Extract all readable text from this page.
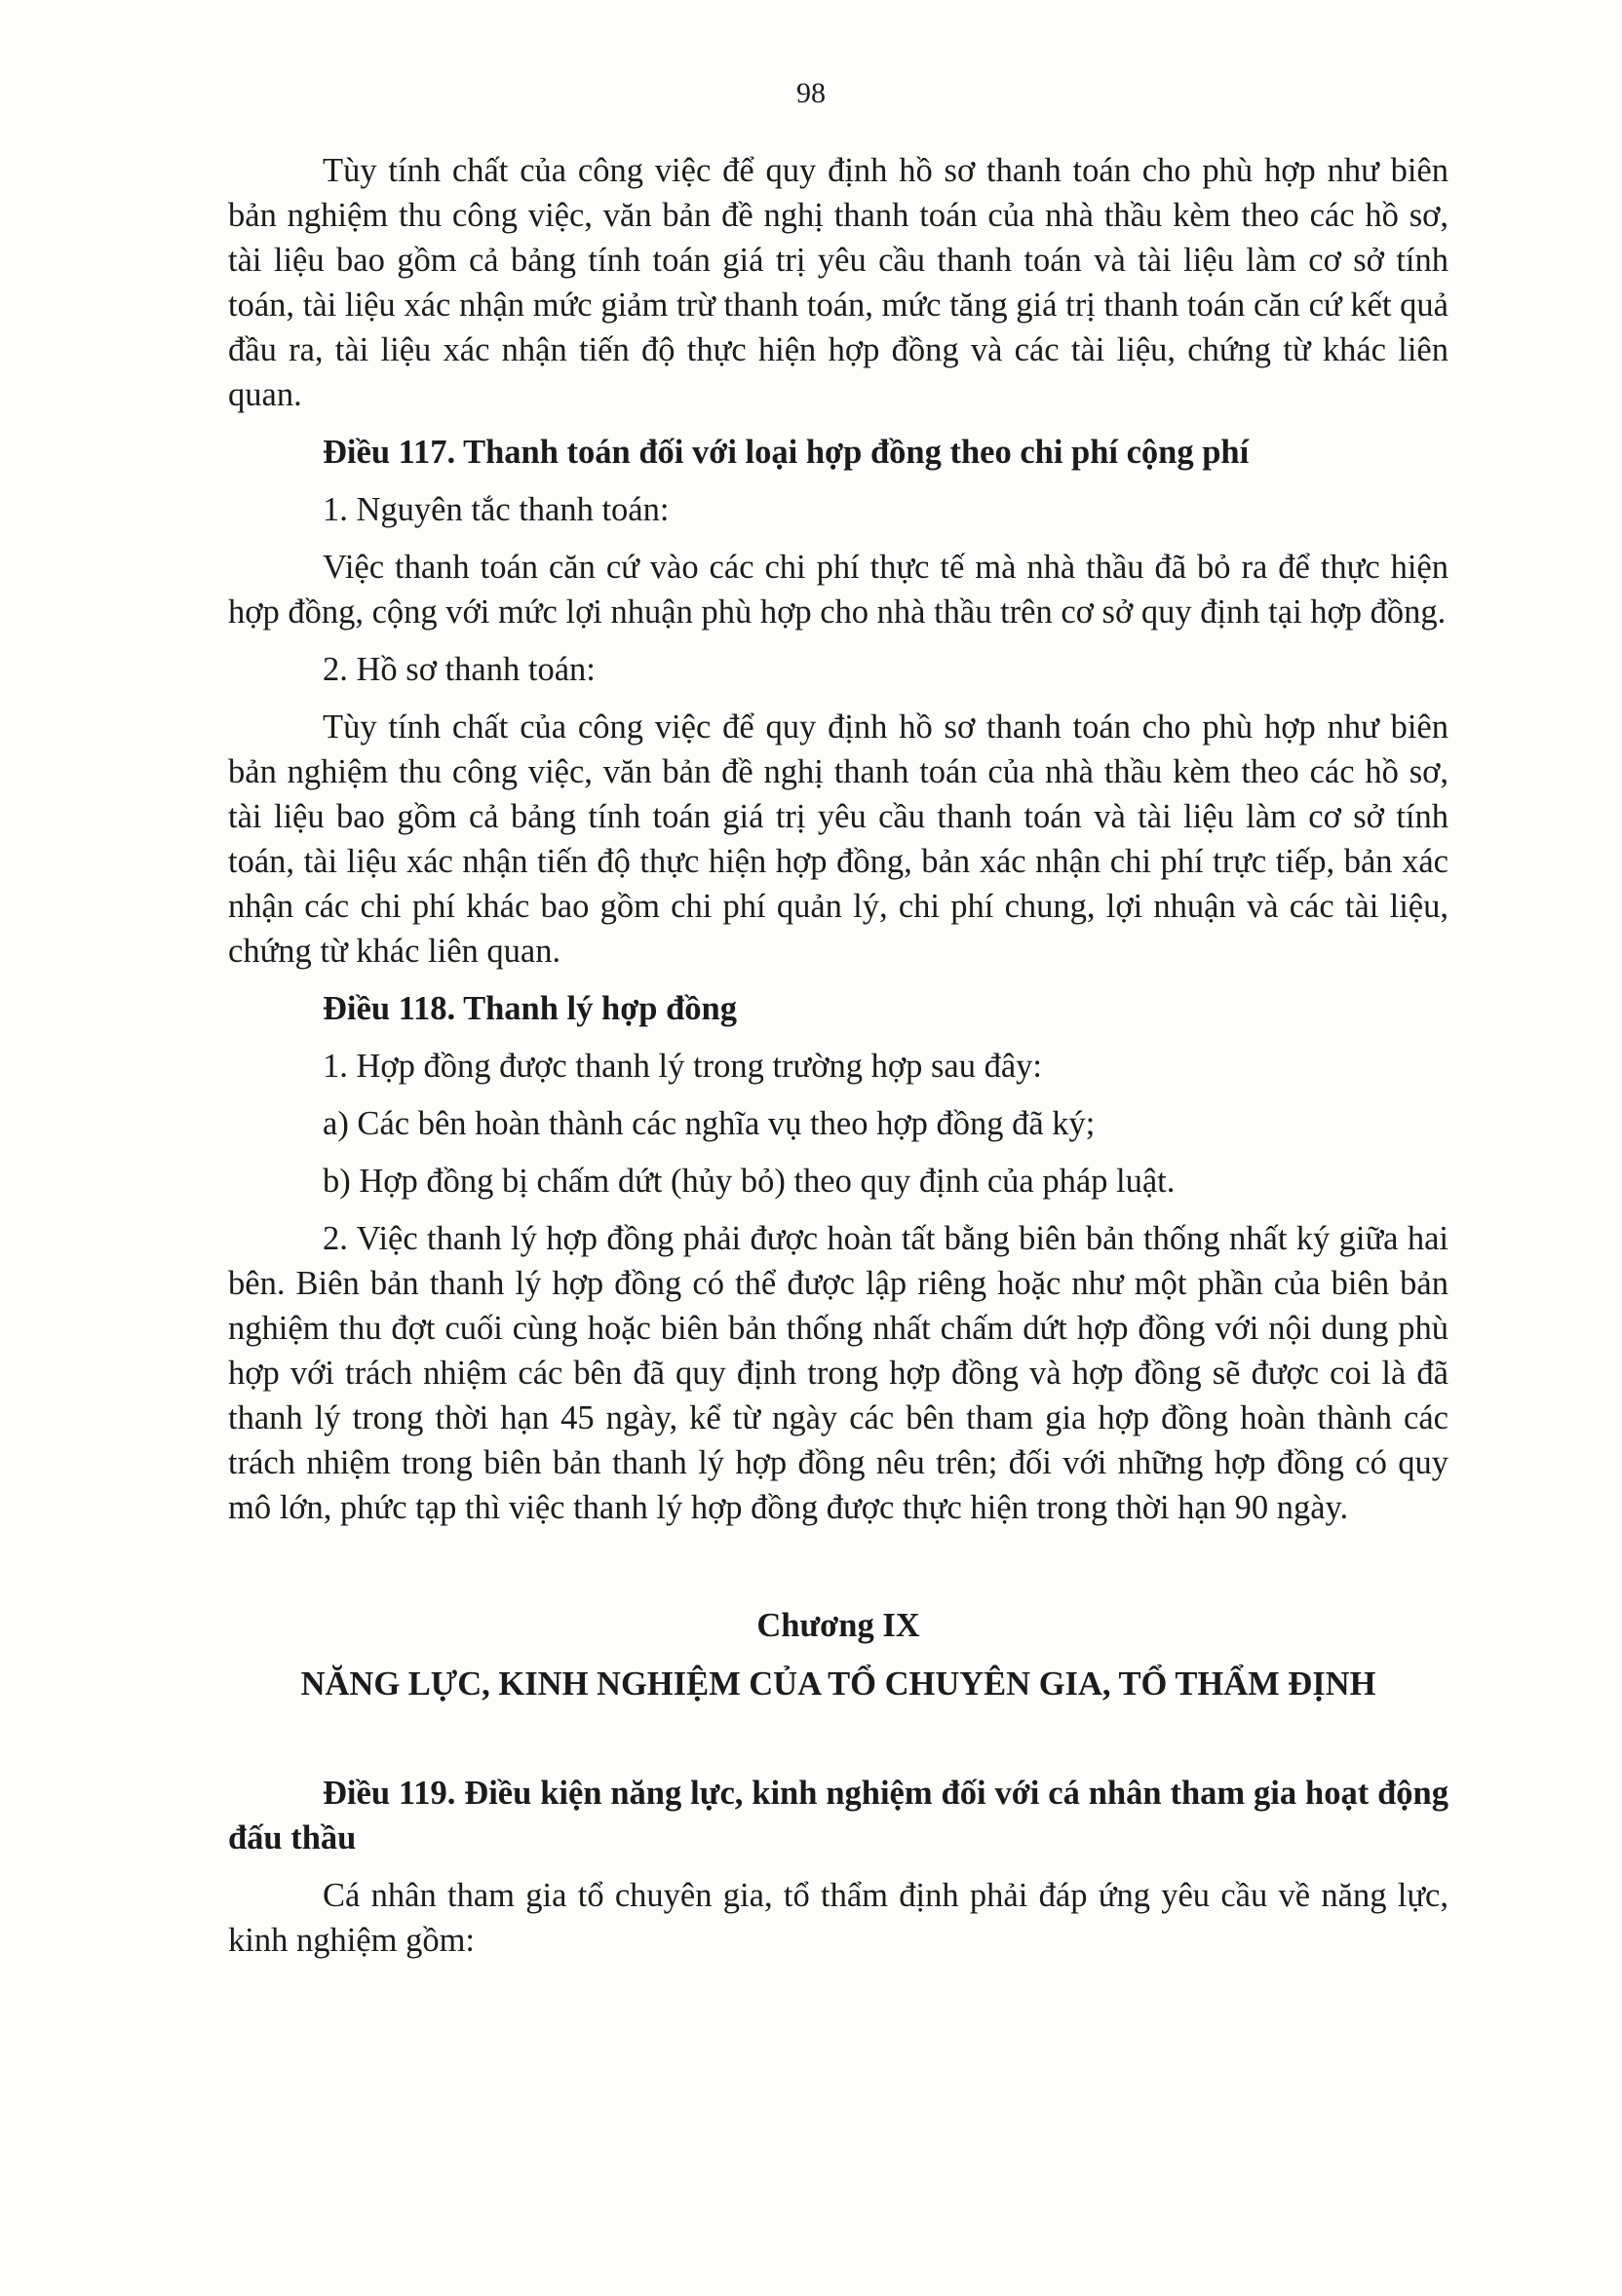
98

Tùy tính chất của công việc để quy định hồ sơ thanh toán cho phù hợp như biên bản nghiệm thu công việc, văn bản đề nghị thanh toán của nhà thầu kèm theo các hồ sơ, tài liệu bao gồm cả bảng tính toán giá trị yêu cầu thanh toán và tài liệu làm cơ sở tính toán, tài liệu xác nhận mức giảm trừ thanh toán, mức tăng giá trị thanh toán căn cứ kết quả đầu ra, tài liệu xác nhận tiến độ thực hiện hợp đồng và các tài liệu, chứng từ khác liên quan.

Điều 117. Thanh toán đối với loại hợp đồng theo chi phí cộng phí

1. Nguyên tắc thanh toán:

Việc thanh toán căn cứ vào các chi phí thực tế mà nhà thầu đã bỏ ra để thực hiện hợp đồng, cộng với mức lợi nhuận phù hợp cho nhà thầu trên cơ sở quy định tại hợp đồng.

2. Hồ sơ thanh toán:

Tùy tính chất của công việc để quy định hồ sơ thanh toán cho phù hợp như biên bản nghiệm thu công việc, văn bản đề nghị thanh toán của nhà thầu kèm theo các hồ sơ, tài liệu bao gồm cả bảng tính toán giá trị yêu cầu thanh toán và tài liệu làm cơ sở tính toán, tài liệu xác nhận tiến độ thực hiện hợp đồng, bản xác nhận chi phí trực tiếp, bản xác nhận các chi phí khác bao gồm chi phí quản lý, chi phí chung, lợi nhuận và các tài liệu, chứng từ khác liên quan.

Điều 118. Thanh lý hợp đồng

1. Hợp đồng được thanh lý trong trường hợp sau đây:

a) Các bên hoàn thành các nghĩa vụ theo hợp đồng đã ký;

b) Hợp đồng bị chấm dứt (hủy bỏ) theo quy định của pháp luật.

2. Việc thanh lý hợp đồng phải được hoàn tất bằng biên bản thống nhất ký giữa hai bên. Biên bản thanh lý hợp đồng có thể được lập riêng hoặc như một phần của biên bản nghiệm thu đợt cuối cùng hoặc biên bản thống nhất chấm dứt hợp đồng với nội dung phù hợp với trách nhiệm các bên đã quy định trong hợp đồng và hợp đồng sẽ được coi là đã thanh lý trong thời hạn 45 ngày, kể từ ngày các bên tham gia hợp đồng hoàn thành các trách nhiệm trong biên bản thanh lý hợp đồng nêu trên; đối với những hợp đồng có quy mô lớn, phức tạp thì việc thanh lý hợp đồng được thực hiện trong thời hạn 90 ngày.

Chương IX

NĂNG LỰC, KINH NGHIỆM CỦA TỔ CHUYÊN GIA, TỔ THẨM ĐỊNH

Điều 119. Điều kiện năng lực, kinh nghiệm đối với cá nhân tham gia hoạt động đấu thầu

Cá nhân tham gia tổ chuyên gia, tổ thẩm định phải đáp ứng yêu cầu về năng lực, kinh nghiệm gồm:
